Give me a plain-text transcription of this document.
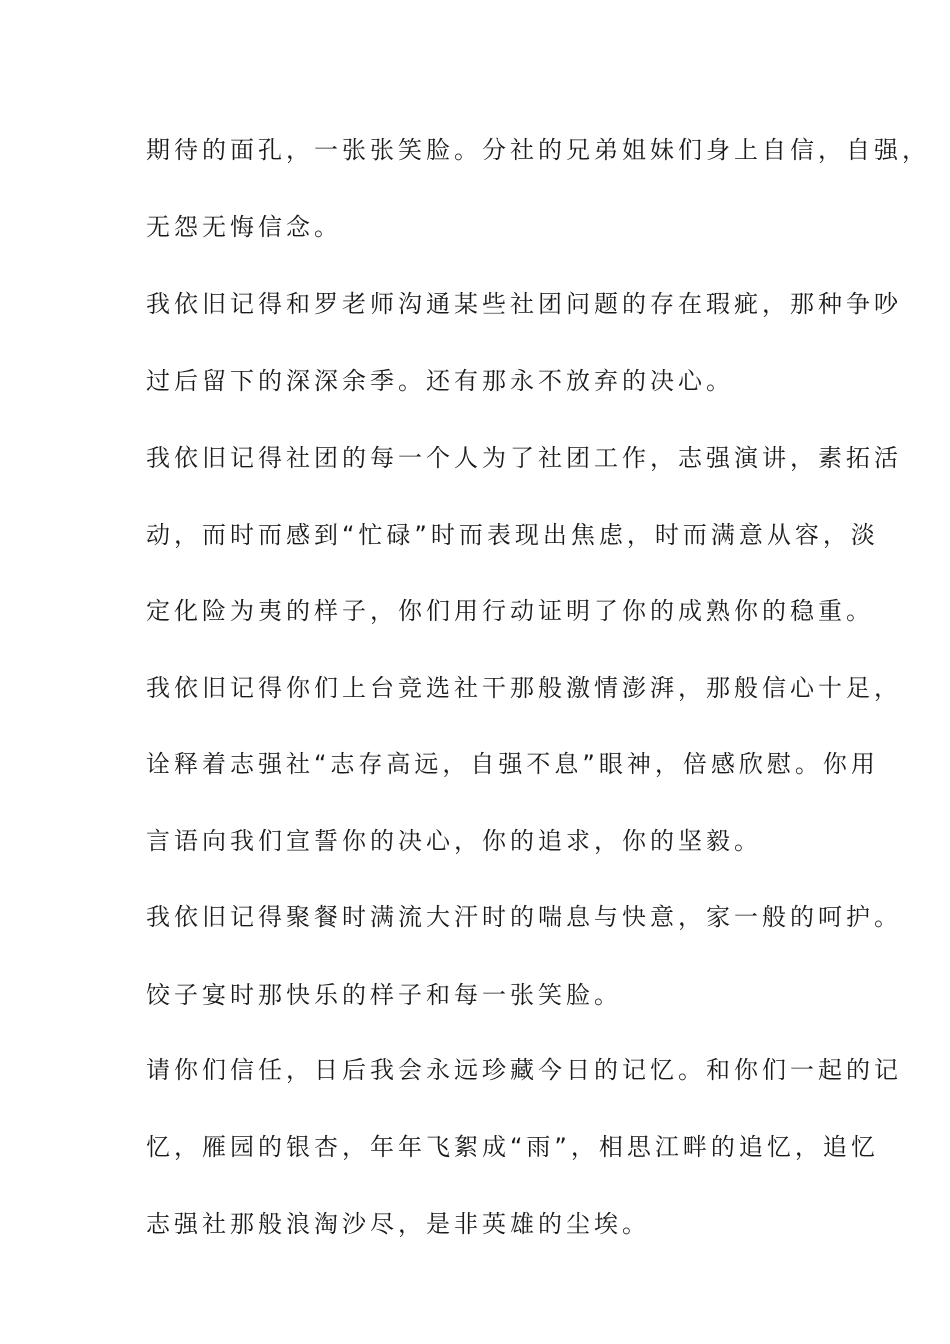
期待的面孔，一张张笑脸。分社的兄弟姐妹们身上自信，自强，
无怨无悔信念。
我依旧记得和罗老师沟通某些社团问题的存在瑕疵，那种争吵
过后留下的深深余季。还有那永不放弃的决心。
我依旧记得社团的每一个人为了社团工作，志强演讲，素拓活
动，而时而感到“忙碌”时而表现出焦虑，时而满意从容，淡
定化险为夷的样子，你们用行动证明了你的成熟你的稳重。
我依旧记得你们上台竞选社干那般激情澎湃，那般信心十足，
诠释着志强社“志存高远，自强不息”眼神，倍感欣慰。你用
言语向我们宣誓你的决心，你的追求，你的坚毅。
我依旧记得聚餐时满流大汗时的喘息与快意，家一般的呵护。
饺子宴时那快乐的样子和每一张笑脸。
请你们信任，日后我会永远珍藏今日的记忆。和你们一起的记
忆，雁园的银杏，年年飞絮成“雨”，相思江畔的追忆，追忆
志强社那般浪淘沙尽，是非英雄的尘埃。
